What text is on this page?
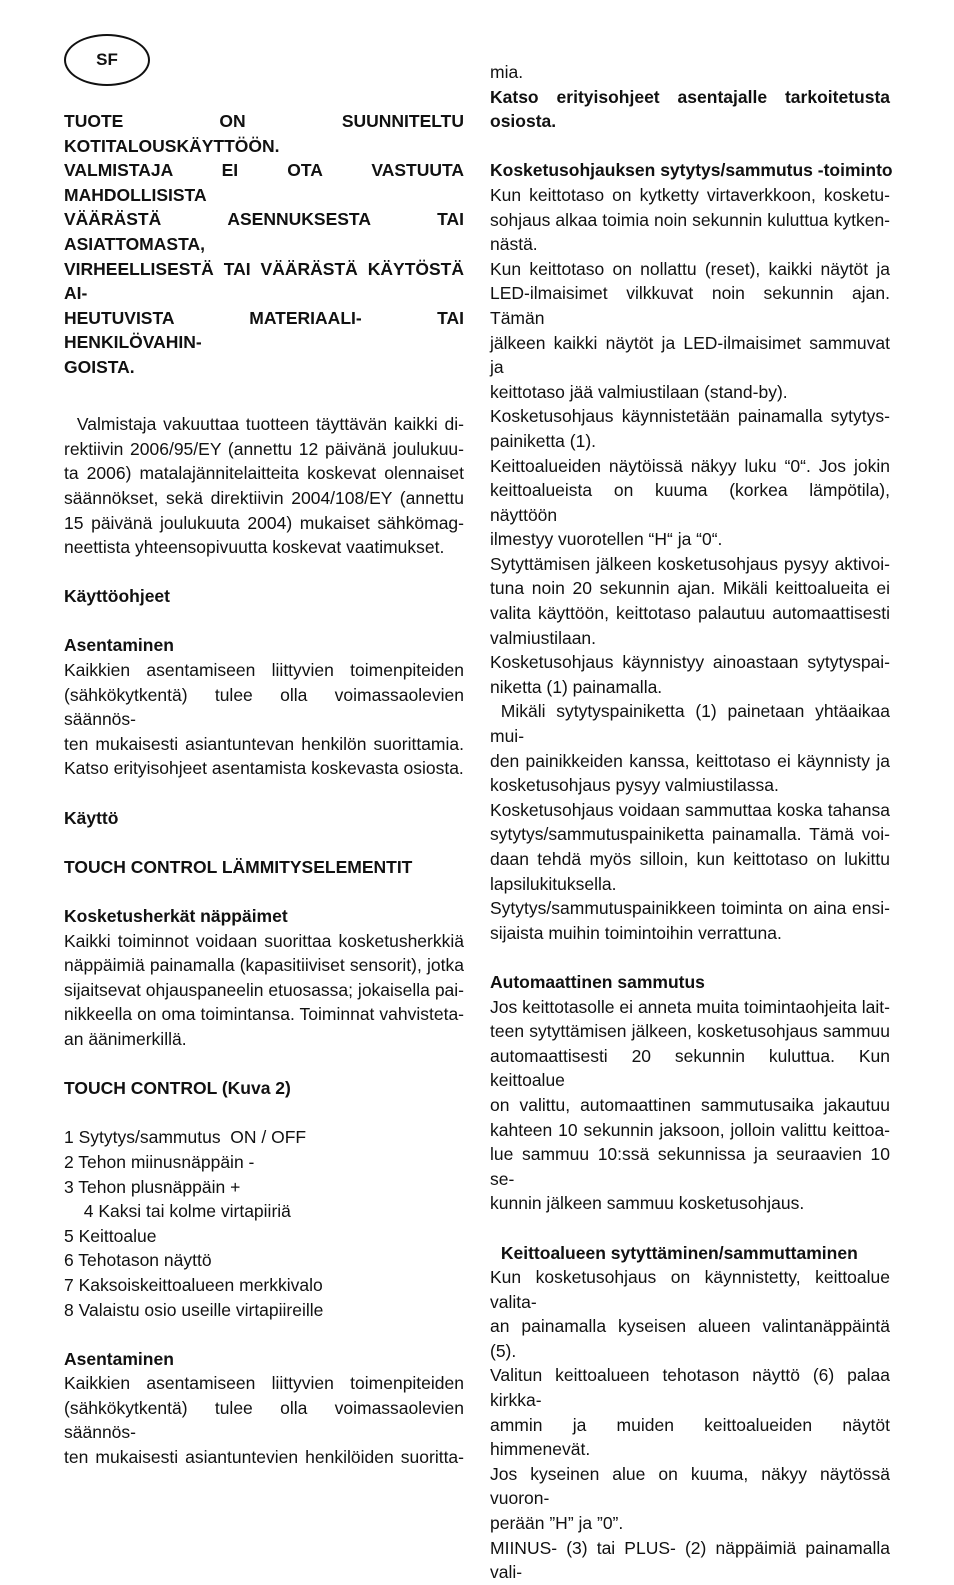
SF

TUOTE ON SUUNNITELTU KOTITALOUSKÄYTTÖÖN.

VALMISTAJA EI OTA VASTUUTA MAHDOLLISISTA

VÄÄRÄSTÄ ASENNUKSESTA TAI ASIATTOMASTA,

VIRHEELLISESTÄ TAI VÄÄRÄSTÄ KÄYTÖSTÄ AI-

HEUTUVISTA MATERIAALI- TAI HENKILÖVAHIN-

GOISTA.

Valmistaja vakuuttaa tuotteen täyttävän kaikki di-

rektiivin 2006/95/EY (annettu 12 päivänä joulukuu-

ta 2006) matalajännitelaitteita koskevat olennaiset

säännökset, sekä direktiivin 2004/108/EY (annettu

15 päivänä joulukuuta 2004) mukaiset sähkömag-

neettista yhteensopivuutta koskevat vaatimukset.

Käyttöohjeet

Asentaminen

Kaikkien asentamiseen liittyvien toimenpiteiden

(sähkökytkentä) tulee olla voimassaolevien säännös-

ten mukaisesti asiantuntevan henkilön suorittamia.

Katso erityisohjeet asentamista koskevasta osiosta.

Käyttö

TOUCH CONTROL LÄMMITYSELEMENTIT

Kosketusherkät näppäimet

Kaikki toiminnot voidaan suorittaa kosketusherkkiä

näppäimiä painamalla (kapasitiiviset sensorit), jotka

sijaitsevat ohjauspaneelin etuosassa; jokaisella pai-

nikkeella on oma toimintansa. Toiminnat vahvisteta-

an äänimerkillä.

TOUCH CONTROL (Kuva 2)

1 Sytytys/sammutus  ON / OFF

2 Tehon miinusnäppäin -

3 Tehon plusnäppäin +

4 Kaksi tai kolme virtapiiriä

5 Keittoalue

6 Tehotason näyttö

7 Kaksoiskeittoalueen merkkivalo

8 Valaistu osio useille virtapiireille

Asentaminen

Kaikkien asentamiseen liittyvien toimenpiteiden

(sähkökytkentä) tulee olla voimassaolevien säännös-

ten mukaisesti asiantuntevien henkilöiden suoritta-

mia.

Katso erityisohjeet asentajalle tarkoitetusta

osiosta.

Kosketusohjauksen sytytys/sammutus -toiminto

Kun keittotaso on kytketty virtaverkkoon, kosketu-

sohjaus alkaa toimia noin sekunnin kuluttua kytken-

nästä.

Kun keittotaso on nollattu (reset), kaikki näytöt ja

LED-ilmaisimet vilkkuvat noin sekunnin ajan. Tämän

jälkeen kaikki näytöt ja LED-ilmaisimet sammuvat ja

keittotaso jää valmiustilaan (stand-by).

Kosketusohjaus käynnistetään painamalla sytytys-

painiketta (1).

Keittoalueiden näytöissä näkyy luku “0“. Jos jokin

keittoalueista on kuuma (korkea lämpötila), näyttöön

ilmestyy vuorotellen “H“ ja “0“.

Sytyttämisen jälkeen kosketusohjaus pysyy aktivoi-

tuna noin 20 sekunnin ajan. Mikäli keittoalueita ei

valita käyttöön, keittotaso palautuu automaattisesti

valmiustilaan.

Kosketusohjaus käynnistyy ainoastaan sytytyspai-

niketta (1) painamalla.

Mikäli sytytyspainiketta (1) painetaan yhtäaikaa mui-

den painikkeiden kanssa, keittotaso ei käynnisty ja

kosketusohjaus pysyy valmiustilassa.

Kosketusohjaus voidaan sammuttaa koska tahansa

sytytys/sammutuspainiketta painamalla. Tämä voi-

daan tehdä myös silloin, kun keittotaso on lukittu

lapsilukituksella.

Sytytys/sammutuspainikkeen toiminta on aina ensi-

sijaista muihin toimintoihin verrattuna.

Automaattinen sammutus

Jos keittotasolle ei anneta muita toimintaohjeita lait-

teen sytyttämisen jälkeen, kosketusohjaus sammuu

automaattisesti 20 sekunnin kuluttua. Kun keittoalue

on valittu, automaattinen sammutusaika jakautuu

kahteen 10 sekunnin jaksoon, jolloin valittu keittoa-

lue sammuu 10:ssä sekunnissa ja seuraavien 10 se-

kunnin jälkeen sammuu kosketusohjaus.

Keittoalueen sytyttäminen/sammuttaminen

Kun kosketusohjaus on käynnistetty, keittoalue valita-

an painamalla kyseisen alueen valintanäppäintä (5).

Valitun keittoalueen tehotason näyttö (6) palaa kirkka-

ammin ja muiden keittoalueiden näytöt himmenevät.

Jos kyseinen alue on kuuma, näkyy näytössä vuoron-

perään ”H” ja ”0”.

MIINUS- (3) tai PLUS- (2) näppäimiä painamalla vali-
